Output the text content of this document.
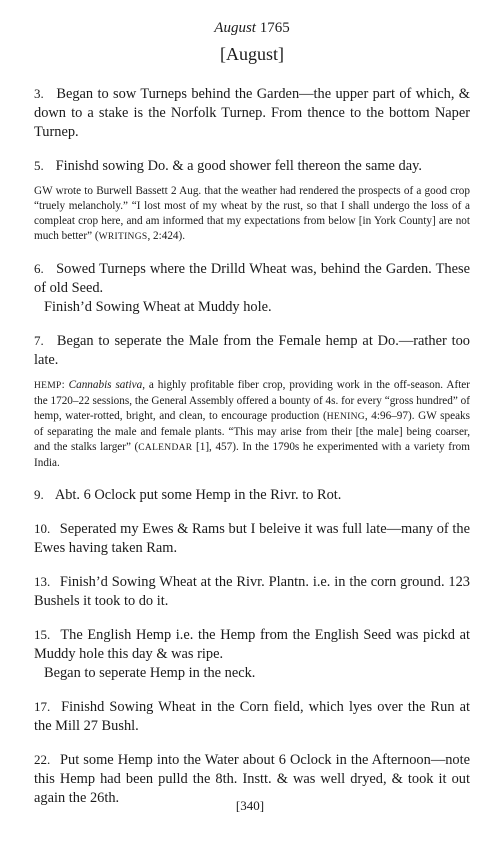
August 1765
[August]

3. Began to sow Turneps behind the Garden—the upper part of which, & down to a stake is the Norfolk Turnep. From thence to the bottom Naper Turnep.

5. Finishd sowing Do. & a good shower fell thereon the same day.

GW wrote to Burwell Bassett 2 Aug. that the weather had rendered the prospects of a good crop “truely melancholy.” “I lost most of my wheat by the rust, so that I shall undergo the loss of a compleat crop here, and am informed that my expectations from below [in York County] are not much better” (WRITINGS, 2:424).

6. Sowed Turneps where the Drilld Wheat was, behind the Garden. These of old Seed.

Finish’d Sowing Wheat at Muddy hole.

7. Began to seperate the Male from the Female hemp at Do.—rather too late.

HEMP: Cannabis sativa, a highly profitable fiber crop, providing work in the off-season. After the 1720–22 sessions, the General Assembly offered a bounty of 4s. for every “gross hundred” of hemp, water-rotted, bright, and clean, to encourage production (HENING, 4:96–97). GW speaks of separating the male and female plants. “This may arise from their [the male] being coarser, and the stalks larger” (CALENDAR [1], 457). In the 1790s he experimented with a variety from India.

9. Abt. 6 Oclock put some Hemp in the Rivr. to Rot.

10. Seperated my Ewes & Rams but I beleive it was full late—many of the Ewes having taken Ram.

13. Finish’d Sowing Wheat at the Rivr. Plantn. i.e. in the corn ground. 123 Bushels it took to do it.

15. The English Hemp i.e. the Hemp from the English Seed was pickd at Muddy hole this day & was ripe.

Began to seperate Hemp in the neck.

17. Finishd Sowing Wheat in the Corn field, which lyes over the Run at the Mill 27 Bushl.

22. Put some Hemp into the Water about 6 Oclock in the Afternoon—note this Hemp had been pulld the 8th. Instt. & was well dryed, & took it out again the 26th.	[340]
